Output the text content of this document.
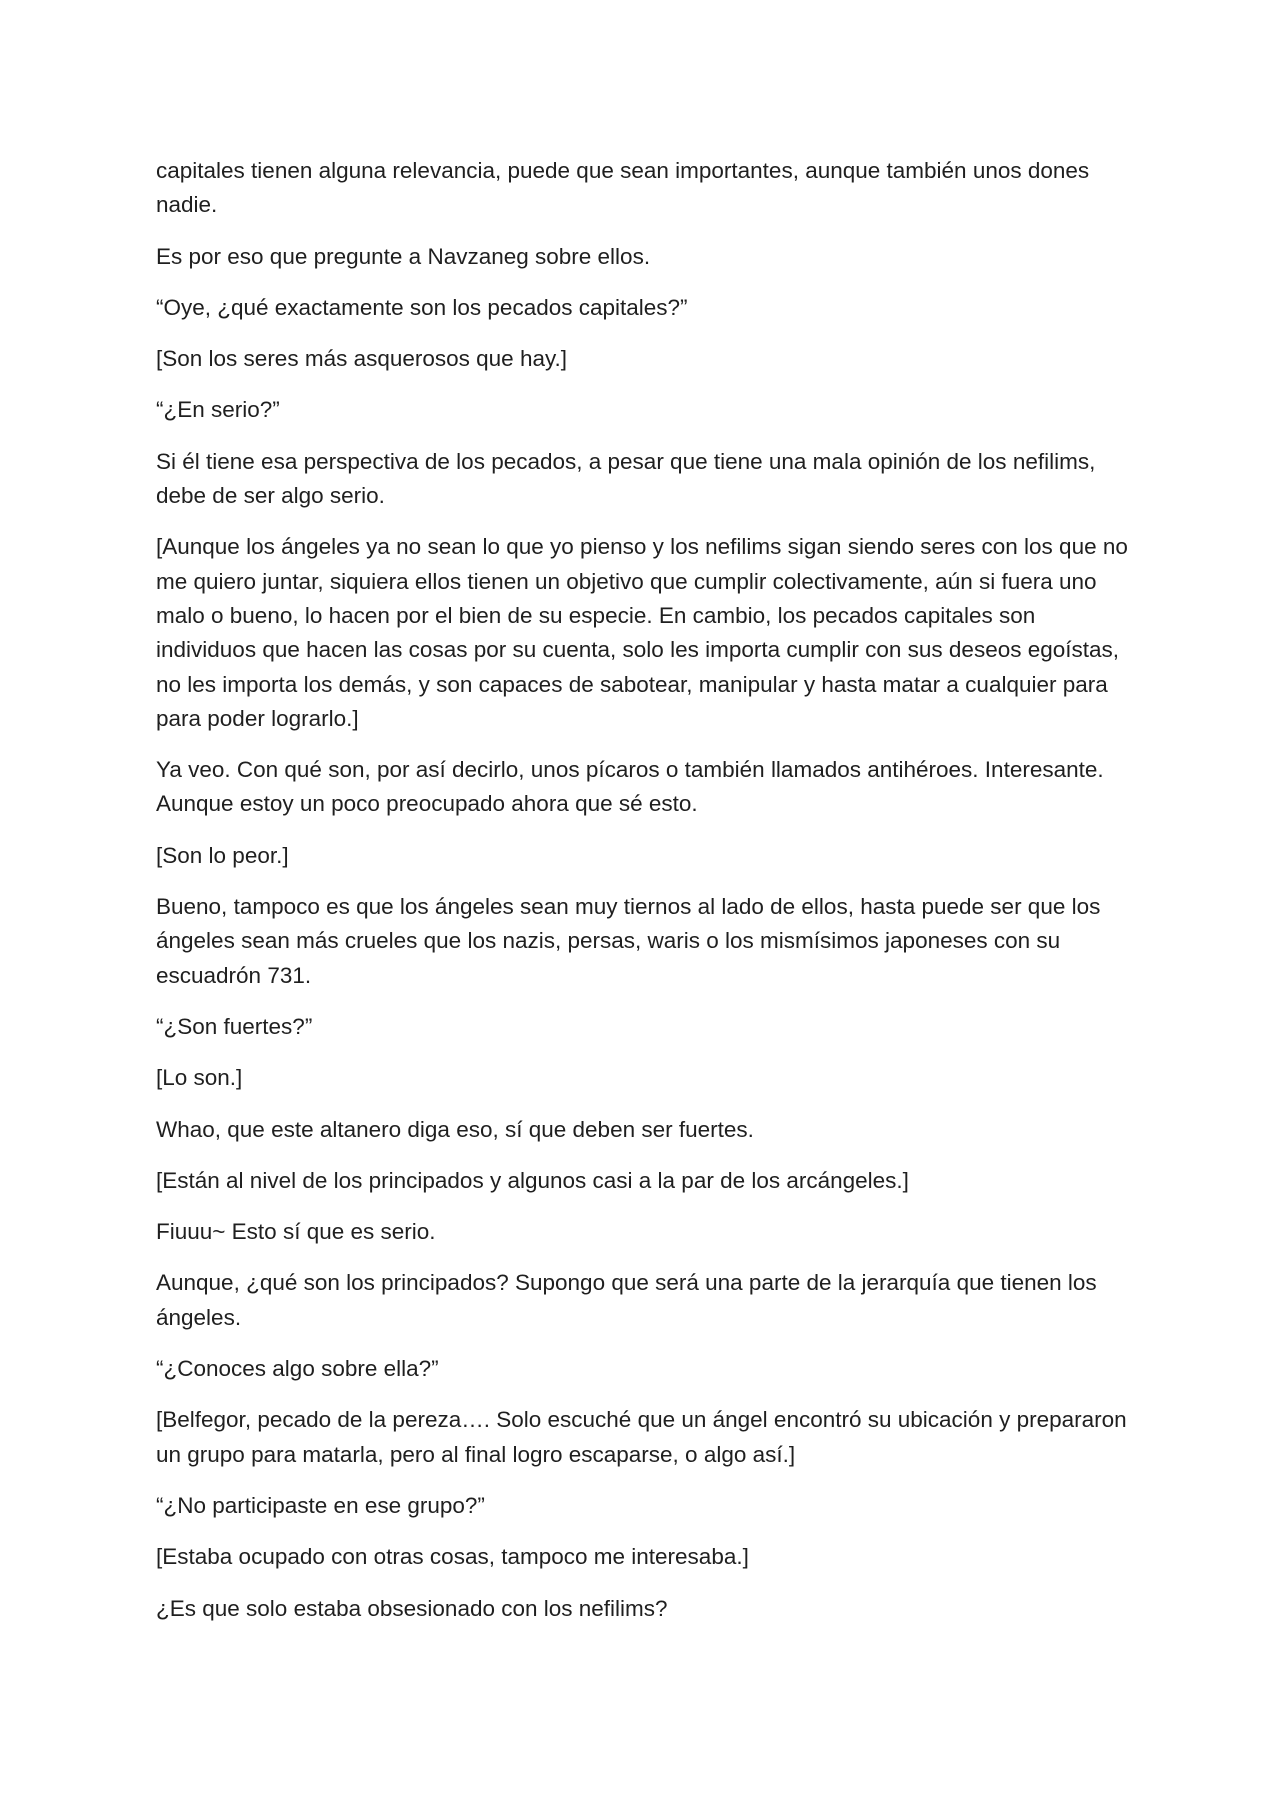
capitales tienen alguna relevancia, puede que sean importantes, aunque también unos dones nadie.

Es por eso que pregunte a Navzaneg sobre ellos.

“Oye, ¿qué exactamente son los pecados capitales?”

[Son los seres más asquerosos que hay.]

“¿En serio?”

Si él tiene esa perspectiva de los pecados, a pesar que tiene una mala opinión de los nefilims, debe de ser algo serio.

[Aunque los ángeles ya no sean lo que yo pienso y los nefilims sigan siendo seres con los que no me quiero juntar, siquiera ellos tienen un objetivo que cumplir colectivamente, aún si fuera uno malo o bueno, lo hacen por el bien de su especie. En cambio, los pecados capitales son individuos que hacen las cosas por su cuenta, solo les importa cumplir con sus deseos egoístas, no les importa los demás, y son capaces de sabotear, manipular y hasta matar a cualquier para para poder lograrlo.]

Ya veo. Con qué son, por así decirlo, unos pícaros o también llamados antihéroes. Interesante. Aunque estoy un poco preocupado ahora que sé esto.

[Son lo peor.]

Bueno, tampoco es que los ángeles sean muy tiernos al lado de ellos, hasta puede ser que los ángeles sean más crueles que los nazis, persas, waris o los mismísimos japoneses con su escuadrón 731.

“¿Son fuertes?”

[Lo son.]

Whao, que este altanero diga eso, sí que deben ser fuertes.

[Están al nivel de los principados y algunos casi a la par de los arcángeles.]

Fiuuu~ Esto sí que es serio.

Aunque, ¿qué son los principados? Supongo que será una parte de la jerarquía que tienen los ángeles.

“¿Conoces algo sobre ella?”

[Belfegor, pecado de la pereza…. Solo escuché que un ángel encontró su ubicación y prepararon un grupo para matarla, pero al final logro escaparse, o algo así.]

“¿No participaste en ese grupo?”

[Estaba ocupado con otras cosas, tampoco me interesaba.]

¿Es que solo estaba obsesionado con los nefilims?
